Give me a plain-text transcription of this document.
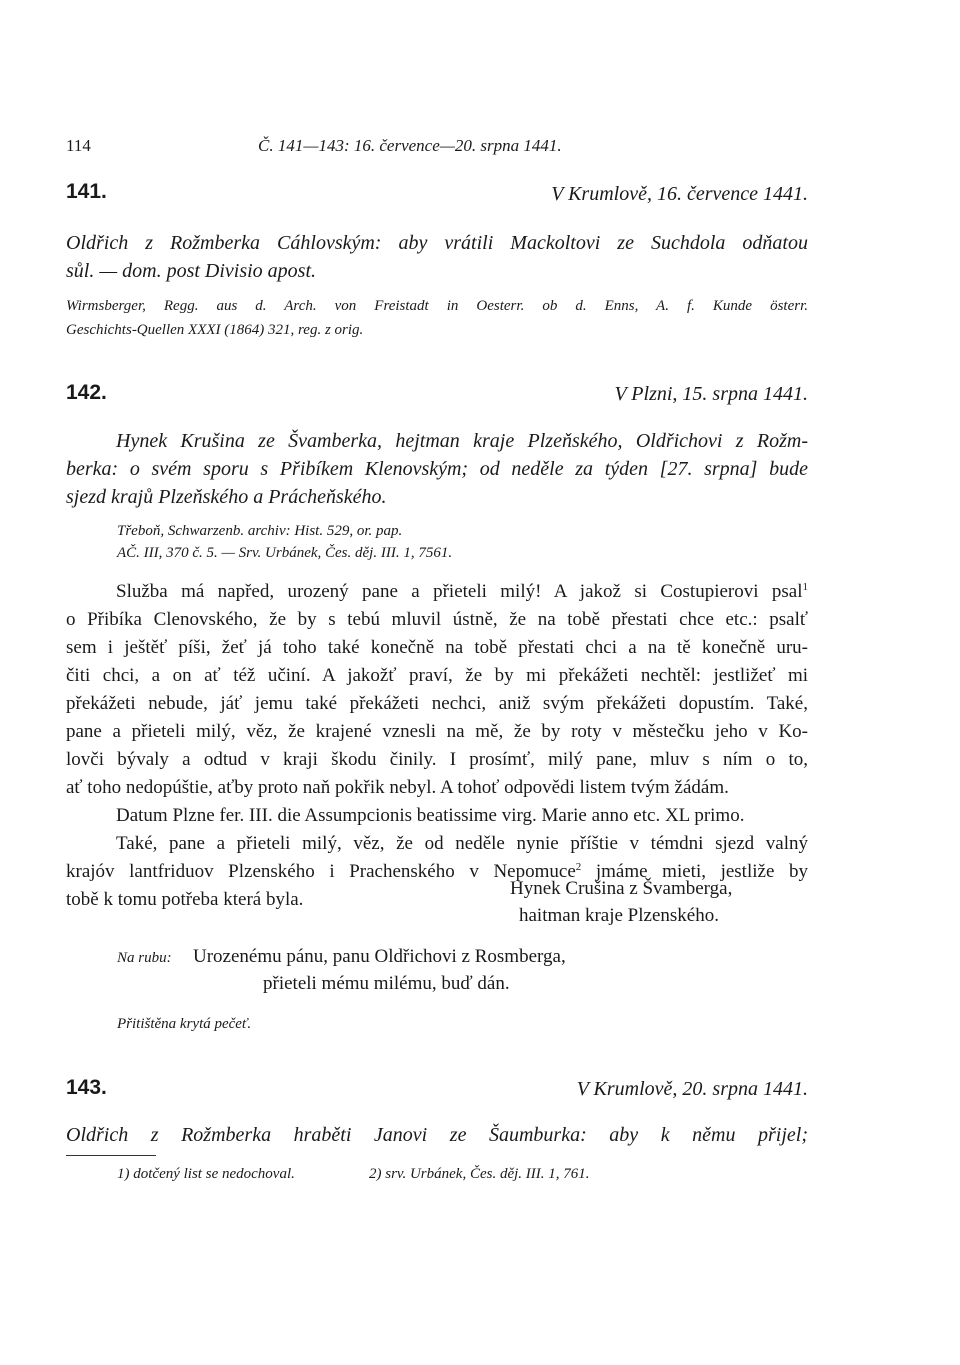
114	Č. 141—143: 16. července—20. srpna 1441.
141.	V Krumlově, 16. července 1441.
Oldřich z Rožmberka Cáhlovským: aby vrátili Mackoltovi ze Suchdola odňatou
sůl. — dom. post Divisio apost.
Wirmsberger, Regg. aus d. Arch. von Freistadt in Oesterr. ob d. Enns, A. f. Kunde österr.
Geschichts-Quellen XXXI (1864) 321, reg. z orig.
142.	V Plzni, 15. srpna 1441.
Hynek Krušina ze Švamberka, hejtman kraje Plzeňského, Oldřichovi z Rožm-
berka: o svém sporu s Přibíkem Klenovským; od neděle za týden [27. srpna] bude
sjezd krajů Plzeňského a Prácheňského.
Třeboň, Schwarzenb. archiv: Hist. 529, or. pap.
AČ. III, 370 č. 5. — Srv. Urbánek, Čes. děj. III. 1, 7561.
Služba má napřed, urozený pane a přieteli milý! A jakož si Costupierovi psal$^1$
o Přibíka Clenovského, že by s tebú mluvil ústně, že na tobě přestati chce etc.: psalť
sem i ještěť píši, žeť já toho také konečně na tobě přestati chci a na tě konečně uru-
čiti chci, a on ať též učiní. A jakožť praví, že by mi překážeti nechtěl: jestližeť mi
překážeti nebude, jáť jemu také překážeti nechci, aniž svým překážeti dopustím. Také,
pane a přieteli milý, věz, že krajené vznesli na mě, že by roty v městečku jeho v Ko-
lovči bývaly a odtud v kraji škodu činily. I prosímť, milý pane, mluv s ním o to,
ať toho nedopúštie, aťby proto naň pokřik nebyl. A tohoť odpovědi listem tvým žádám.
Datum Plzne fer. III. die Assumpcionis beatissime virg. Marie anno etc. XL primo.
Také, pane a přieteli milý, věz, že od neděle nynie příštie v témdni sjezd valný
krajóv lantfriduov Plzenského i Prachenského v Nepomuce$^2$ jmáme mieti, jestliže by
tobě k tomu potřeba která byla.
Hynek Crušina z Švamberga,
haitman kraje Plzenského.
Na rubu: Urozenému pánu, panu Oldřichovi z Rosmberga,
přieteli mému milému, buď dán.
Přitištěna krytá pečeť.
143.	V Krumlově, 20. srpna 1441.
Oldřich z Rožmberka hraběti Janovi ze Šaumburka: aby k němu přijel;
1) dotčený list se nedochoval.	2) srv. Urbánek, Čes. děj. III. 1, 761.
